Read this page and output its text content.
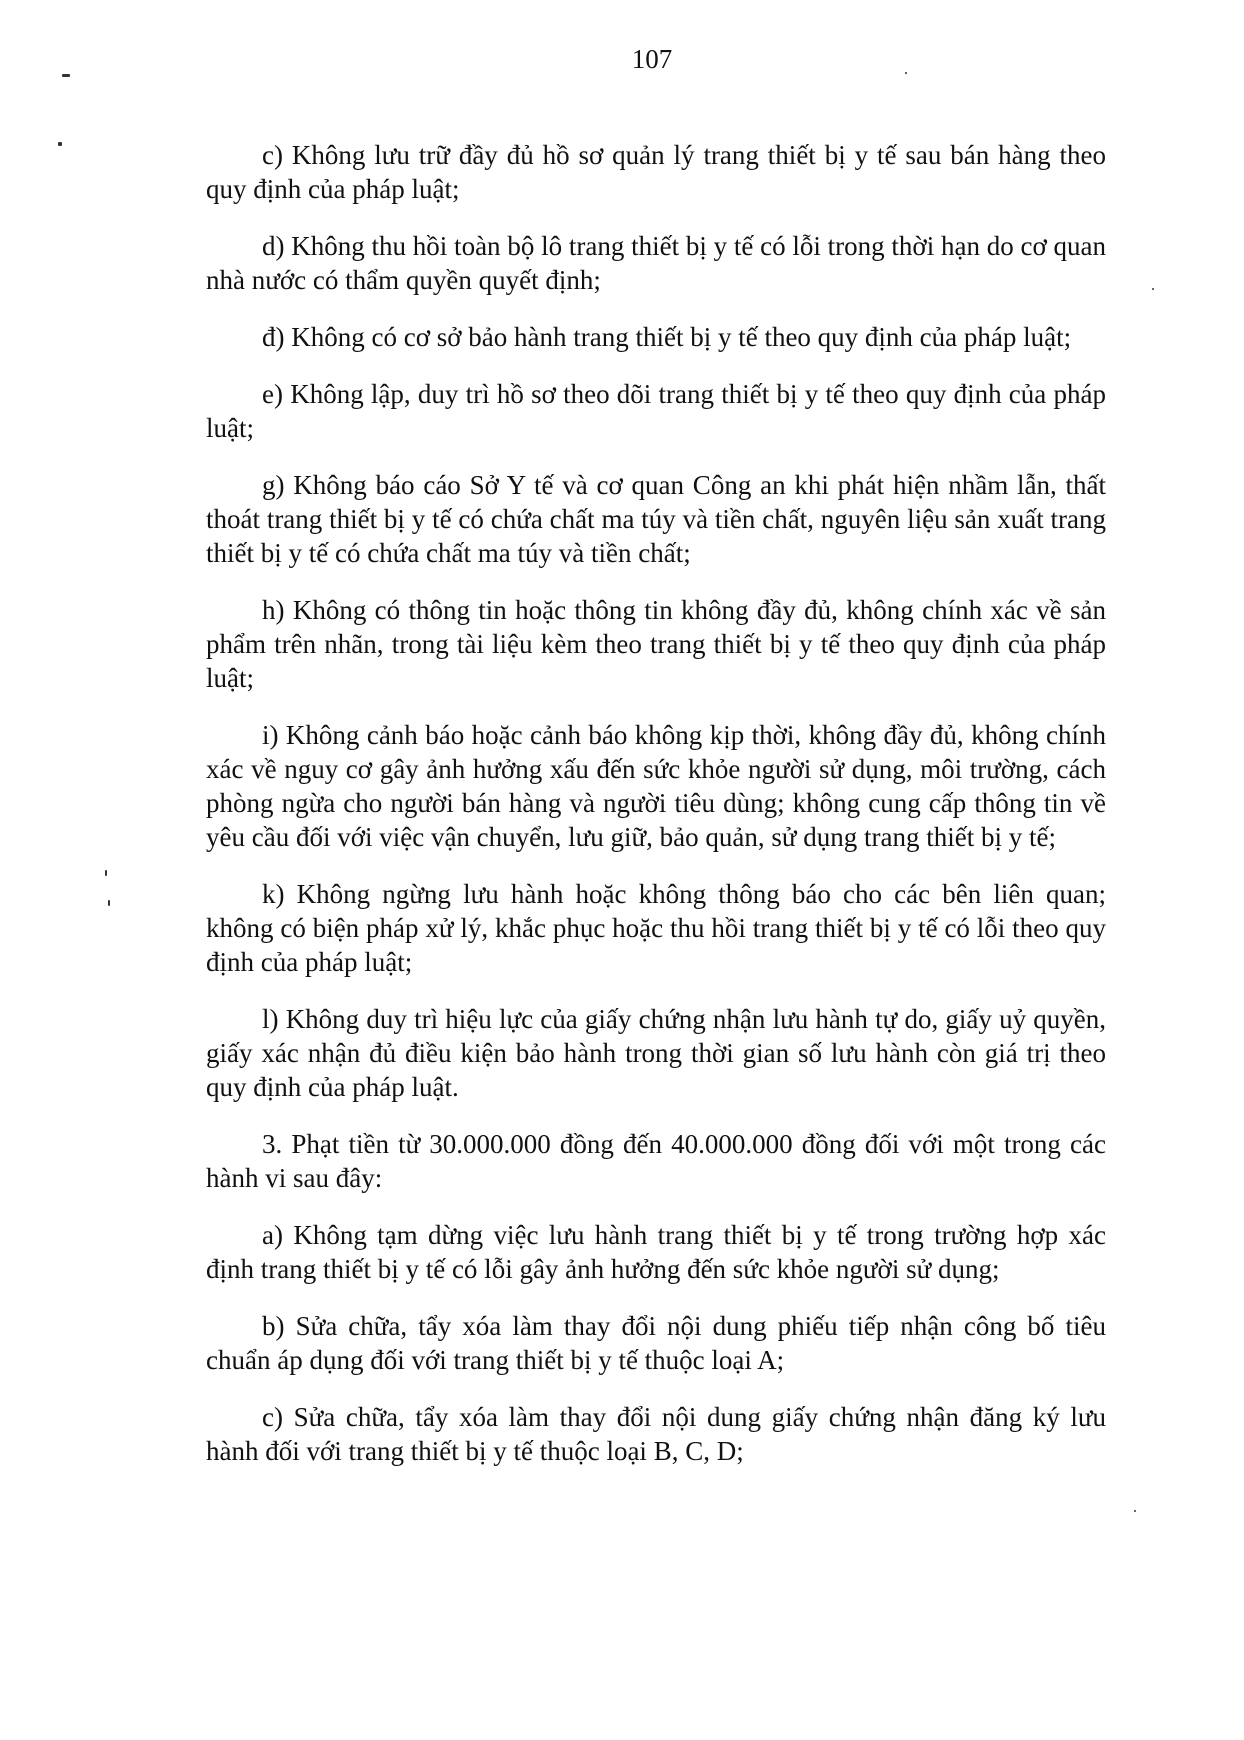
107

c) Không lưu trữ đầy đủ hồ sơ quản lý trang thiết bị y tế sau bán hàng theo quy định của pháp luật;

d) Không thu hồi toàn bộ lô trang thiết bị y tế có lỗi trong thời hạn do cơ quan nhà nước có thẩm quyền quyết định;

đ) Không có cơ sở bảo hành trang thiết bị y tế theo quy định của pháp luật;

e) Không lập, duy trì hồ sơ theo dõi trang thiết bị y tế theo quy định của pháp luật;

g) Không báo cáo Sở Y tế và cơ quan Công an khi phát hiện nhầm lẫn, thất thoát trang thiết bị y tế có chứa chất ma túy và tiền chất, nguyên liệu sản xuất trang thiết bị y tế có chứa chất ma túy và tiền chất;

h) Không có thông tin hoặc thông tin không đầy đủ, không chính xác về sản phẩm trên nhãn, trong tài liệu kèm theo trang thiết bị y tế theo quy định của pháp luật;

i) Không cảnh báo hoặc cảnh báo không kịp thời, không đầy đủ, không chính xác về nguy cơ gây ảnh hưởng xấu đến sức khỏe người sử dụng, môi trường, cách phòng ngừa cho người bán hàng và người tiêu dùng; không cung cấp thông tin về yêu cầu đối với việc vận chuyển, lưu giữ, bảo quản, sử dụng trang thiết bị y tế;

k) Không ngừng lưu hành hoặc không thông báo cho các bên liên quan; không có biện pháp xử lý, khắc phục hoặc thu hồi trang thiết bị y tế có lỗi theo quy định của pháp luật;

l) Không duy trì hiệu lực của giấy chứng nhận lưu hành tự do, giấy uỷ quyền, giấy xác nhận đủ điều kiện bảo hành trong thời gian số lưu hành còn giá trị theo quy định của pháp luật.

3. Phạt tiền từ 30.000.000 đồng đến 40.000.000 đồng đối với một trong các hành vi sau đây:

a) Không tạm dừng việc lưu hành trang thiết bị y tế trong trường hợp xác định trang thiết bị y tế có lỗi gây ảnh hưởng đến sức khỏe người sử dụng;

b) Sửa chữa, tẩy xóa làm thay đổi nội dung phiếu tiếp nhận công bố tiêu chuẩn áp dụng đối với trang thiết bị y tế thuộc loại A;

c) Sửa chữa, tẩy xóa làm thay đổi nội dung giấy chứng nhận đăng ký lưu hành đối với trang thiết bị y tế thuộc loại B, C, D;
